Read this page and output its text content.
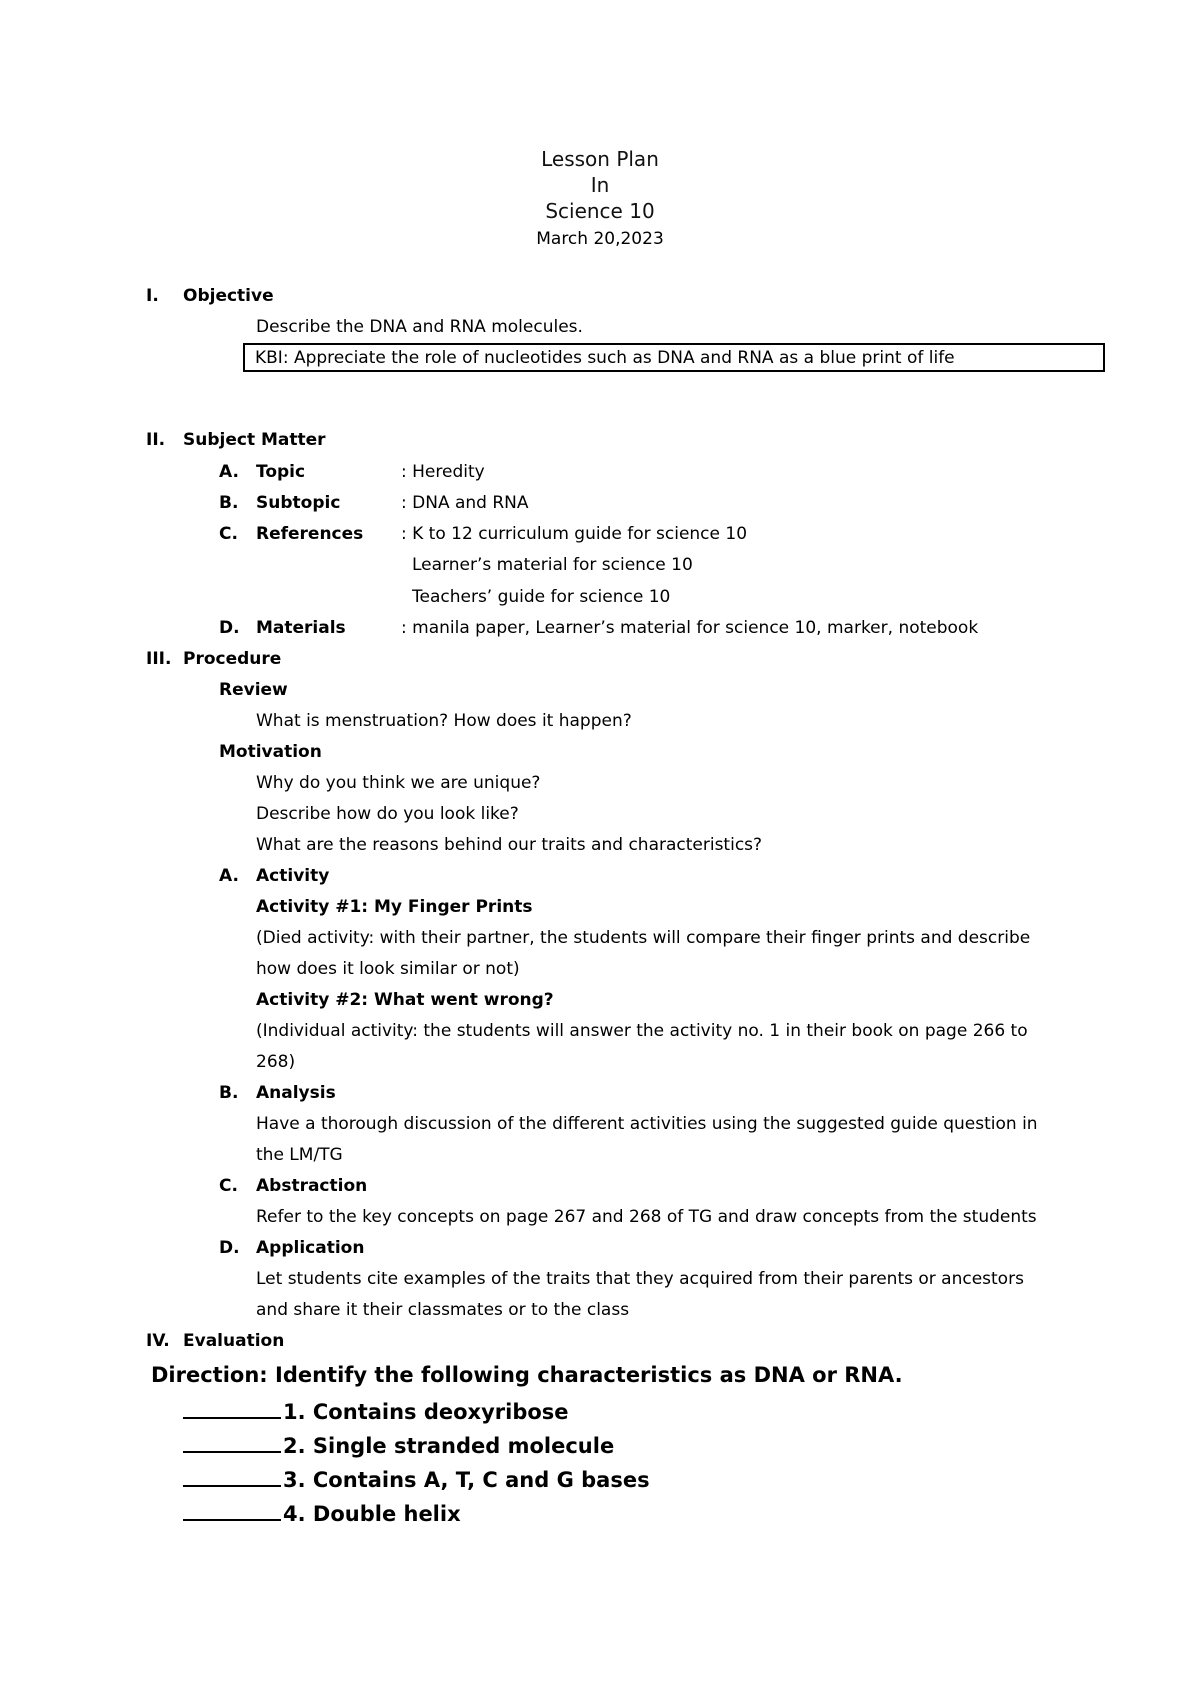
Lesson Plan
In
Science 10
March 20,2023
I. Objective
Describe the DNA and RNA molecules.
KBI: Appreciate the role of nucleotides such as DNA and RNA as a blue print of life
II. Subject Matter
A. Topic	: Heredity
B. Subtopic	: DNA and RNA
C. References : K to 12 curriculum guide for science 10
Learner’s material for science 10
Teachers’ guide for science 10
D. Materials	: manila paper, Learner’s material for science 10, marker, notebook
III. Procedure
Review
What is menstruation? How does it happen?
Motivation
Why do you think we are unique?
Describe how do you look like?
What are the reasons behind our traits and characteristics?
A. Activity
Activity #1: My Finger Prints
(Died activity: with their partner, the students will compare their finger prints and describe
how does it look similar or not)
Activity #2: What went wrong?
(Individual activity: the students will answer the activity no. 1 in their book on page 266 to
268)
B. Analysis
Have a thorough discussion of the different activities using the suggested guide question in
the LM/TG
C. Abstraction
Refer to the key concepts on page 267 and 268 of TG and draw concepts from the students
D. Application
Let students cite examples of the traits that they acquired from their parents or ancestors
and share it their classmates or to the class
IV. Evaluation
Direction: Identify the following characteristics as DNA or RNA.
1. Contains deoxyribose
2. Single stranded molecule
3. Contains A, T, C and G bases
4. Double helix
